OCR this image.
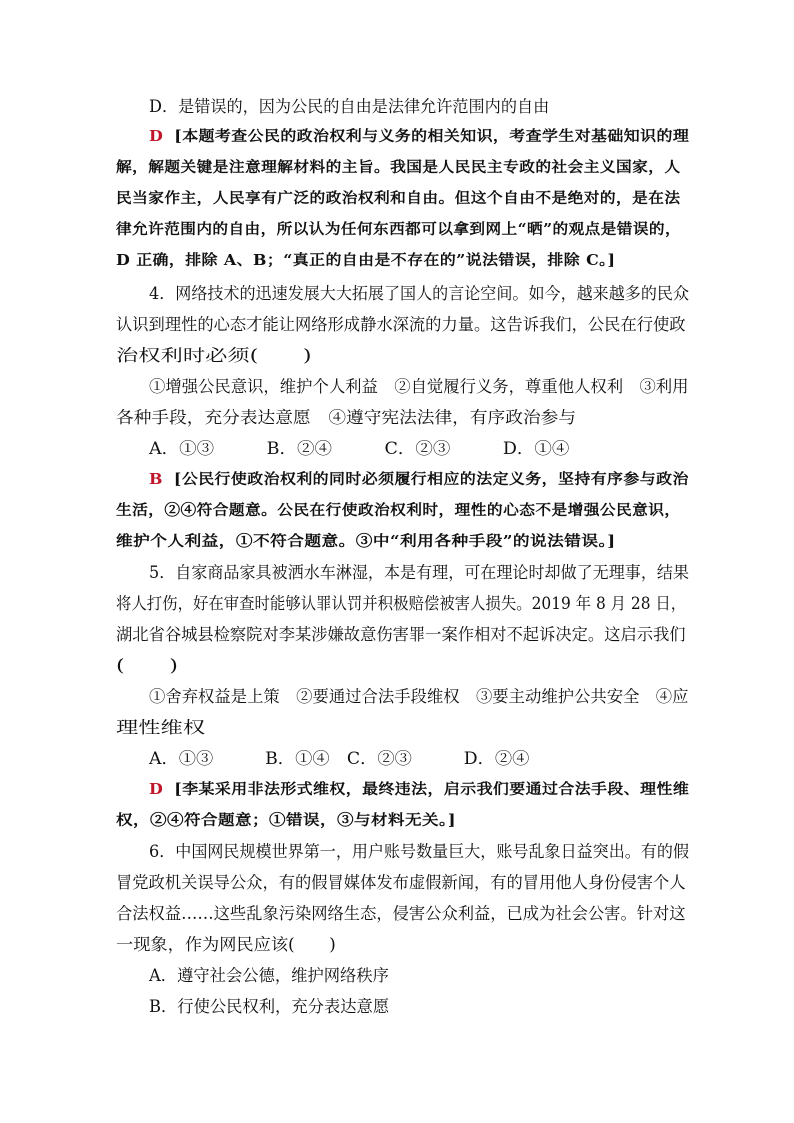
D．是错误的，因为公民的自由是法律允许范围内的自由
D [本题考查公民的政治权利与义务的相关知识，考查学生对基础知识的理
解，解题关键是注意理解材料的主旨。我国是人民民主专政的社会主义国家，人
民当家作主，人民享有广泛的政治权利和自由。但这个自由不是绝对的，是在法
律允许范围内的自由，所以认为任何东西都可以拿到网上“晒”的观点是错误的，
D 正确，排除 A、B；“真正的自由是不存在的”说法错误，排除 C。]
4．网络技术的迅速发展大大拓展了国人的言论空间。如今，越来越多的民众
认识到理性的心态才能让网络形成静水深流的力量。这告诉我们，公民在行使政
治权利时必须(　　)
①增强公民意识，维护个人利益　②自觉履行义务，尊重他人权利　③利用
各种手段，充分表达意愿　④遵守宪法法律，有序政治参与
A．①③　　　B．②④　　　C．②③　　　D．①④
B [公民行使政治权利的同时必须履行相应的法定义务，坚持有序参与政治
生活，②④符合题意。公民在行使政治权利时，理性的心态不是增强公民意识，
维护个人利益，①不符合题意。③中“利用各种手段”的说法错误。]
5．自家商品家具被洒水车淋湿，本是有理，可在理论时却做了无理事，结果
将人打伤，好在审查时能够认罪认罚并积极赔偿被害人损失。2019 年 8 月 28 日，
湖北省谷城县检察院对李某涉嫌故意伤害罪一案作相对不起诉决定。这启示我们
(　　)
①舍弃权益是上策　②要通过合法手段维权　③要主动维护公共安全　④应
理性维权
A．①③　　　B．①④　C．②③　　　D．②④
D [李某采用非法形式维权，最终违法，启示我们要通过合法手段、理性维
权，②④符合题意；①错误，③与材料无关。]
6．中国网民规模世界第一，用户账号数量巨大，账号乱象日益突出。有的假
冒党政机关误导公众，有的假冒媒体发布虚假新闻，有的冒用他人身份侵害个人
合法权益……这些乱象污染网络生态，侵害公众利益，已成为社会公害。针对这
一现象，作为网民应该(　　)
A．遵守社会公德，维护网络秩序
B．行使公民权利，充分表达意愿
